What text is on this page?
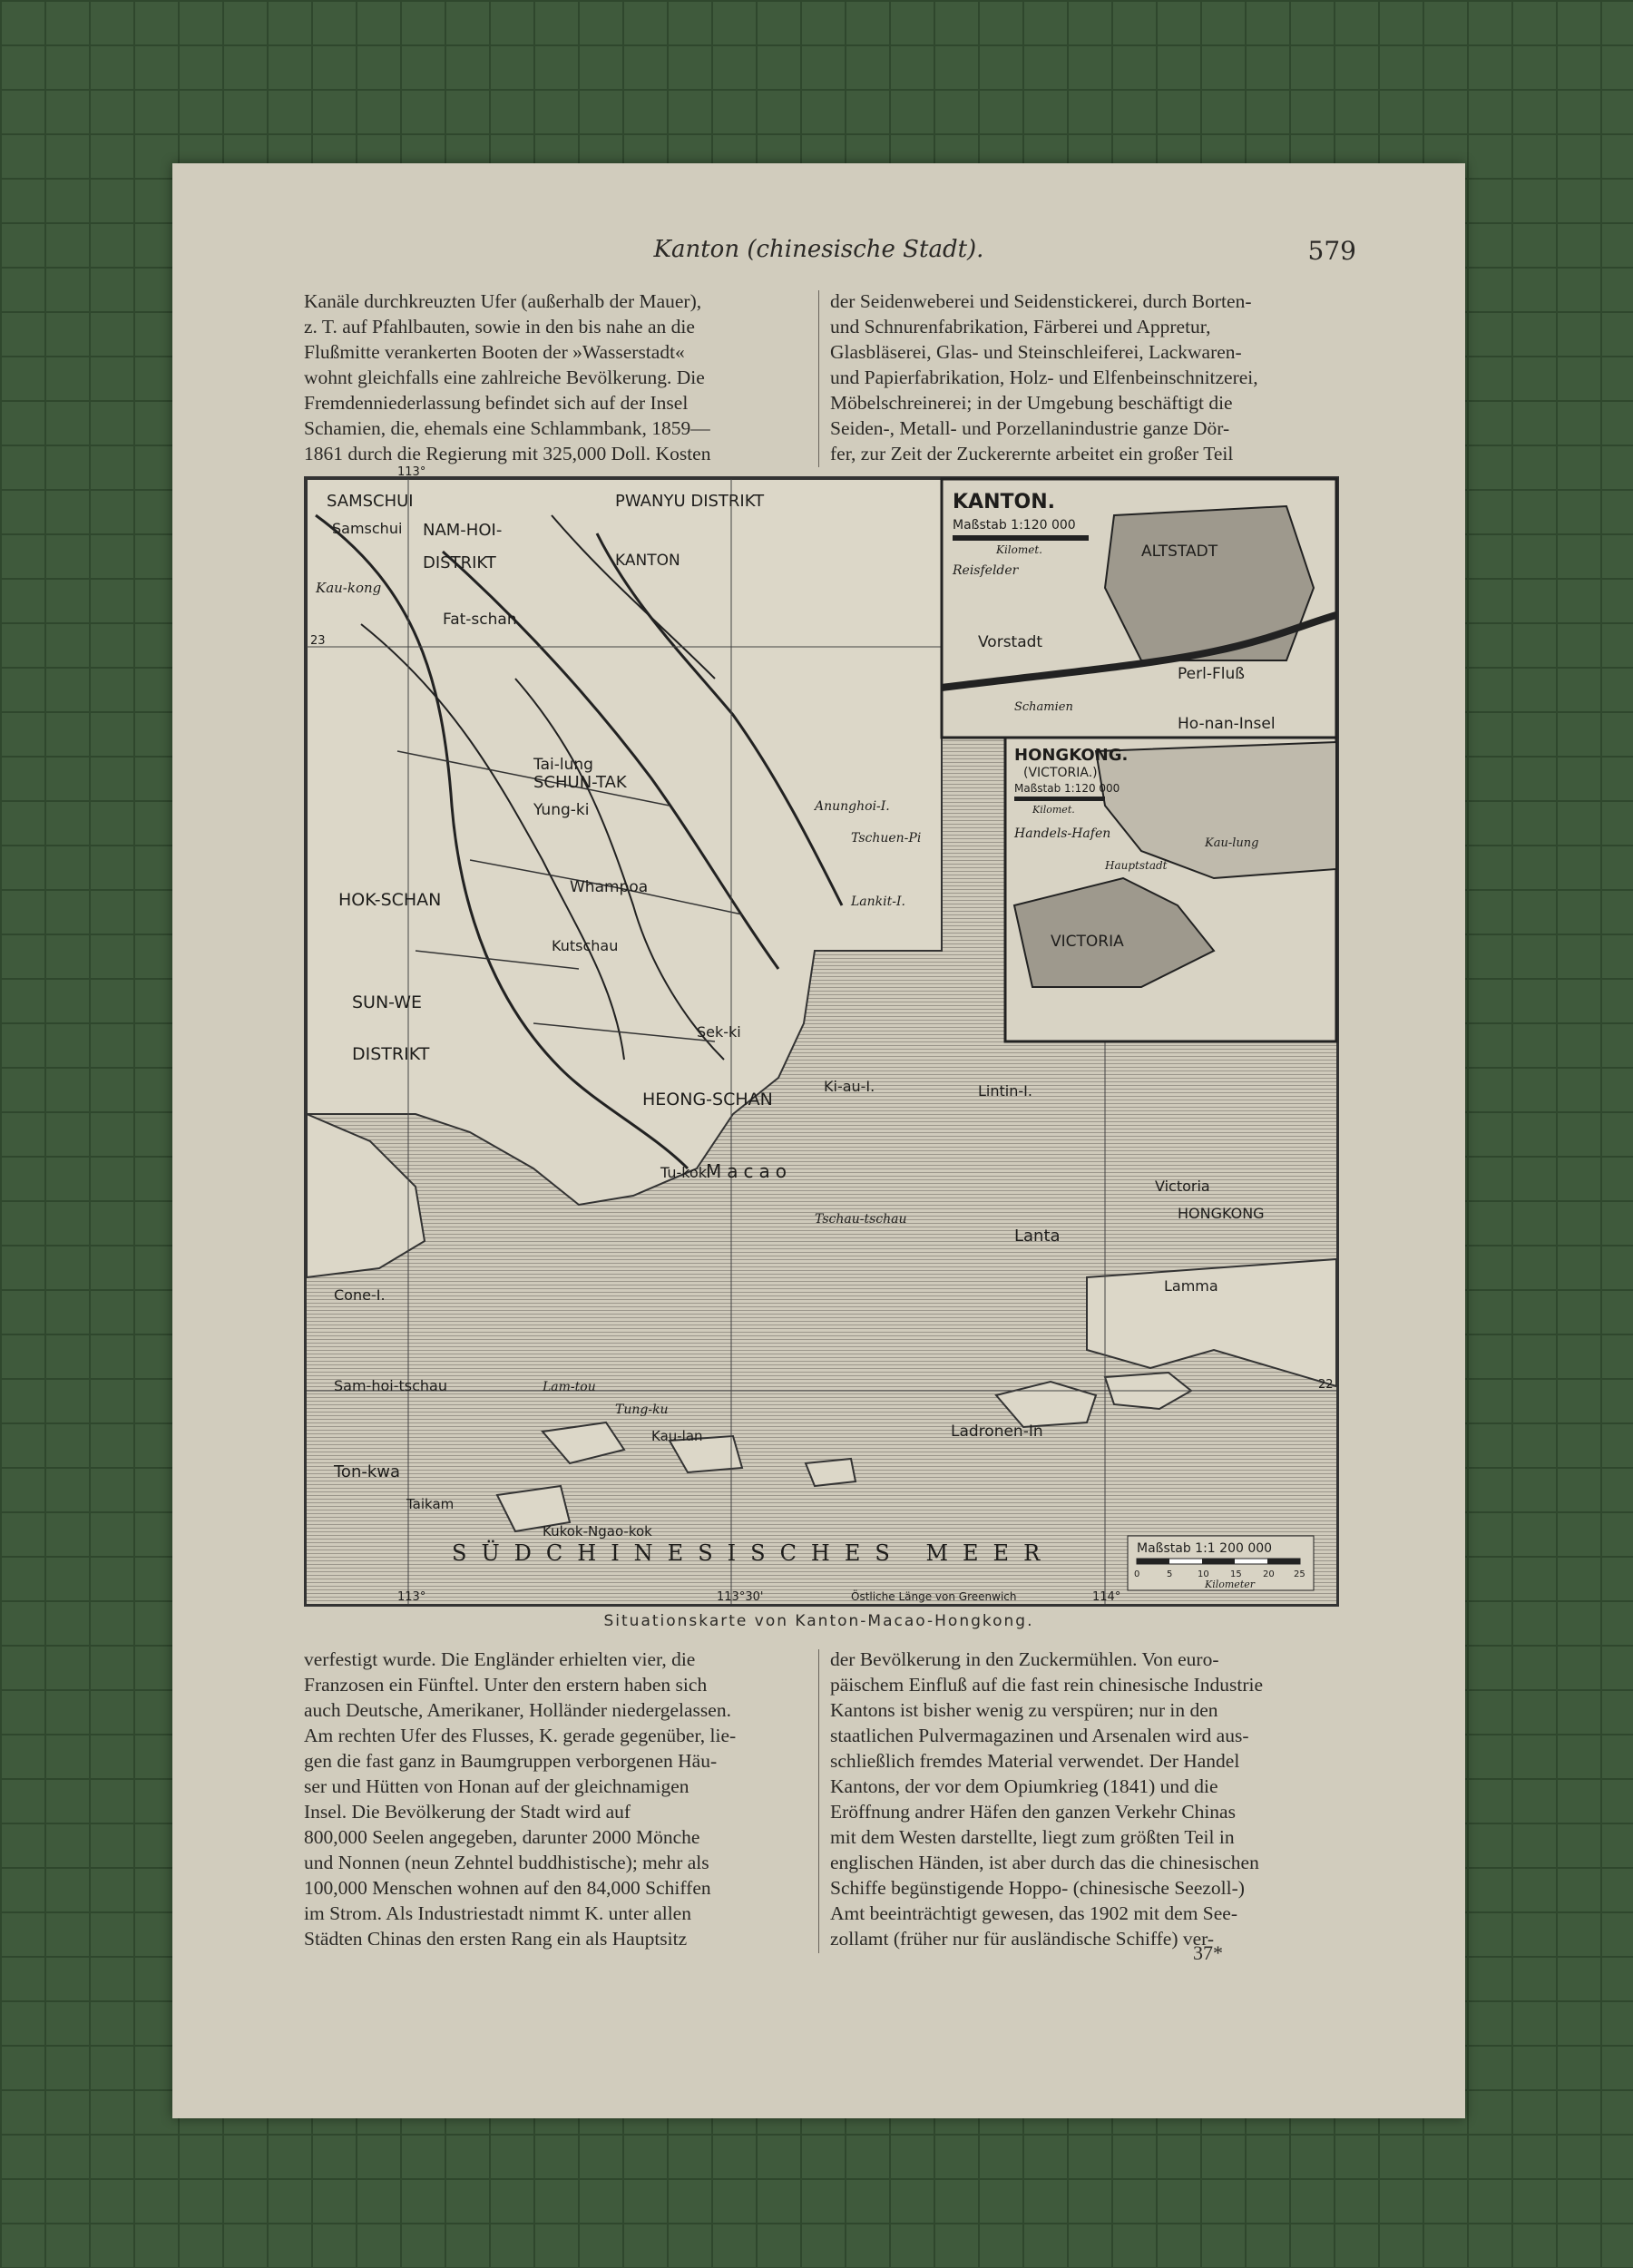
Kanton (chinesische Stadt).	579

Kanäle durchkreuzten Ufer (außerhalb der Mauer),

z. T. auf Pfahlbauten, sowie in den bis nahe an die

Flußmitte verankerten Booten der »Wasserstadt«

wohnt gleichfalls eine zahlreiche Bevölkerung. Die

Fremdenniederlassung befindet sich auf der Insel

Schamien, die, ehemals eine Schlammbank, 1859—

1861 durch die Regierung mit 325,000 Doll. Kosten

der Seidenweberei und Seidenstickerei, durch Borten-

und Schnurenfabrikation, Färberei und Appretur,

Glasbläserei, Glas- und Steinschleiferei, Lackwaren-

und Papierfabrikation, Holz- und Elfenbeinschnitzerei,

Möbelschreinerei; in der Umgebung beschäftigt die

Seiden-, Metall- und Porzellanindustrie ganze Dör-

fer, zur Zeit der Zuckerernte arbeitet ein großer Teil

SAMSCHUI
NAM-HOI-
DISTRIKT
PWANYU DISTRIKT
HOK-SCHAN
SUN-WE
DISTRIKT
HEONG-SCHAN
SCHUN-TAK
Samschui
Kau-kong
Fat-schan
KANTON
Whampoa
Tai-lung
Yung-ki
Kutschau
Sek-ki
Tu-kok
Macao
Lintin-I.
Ki-au-I.
Lanta
Victoria
HONGKONG
Lamma
Cone-I.
Sam-hoi-tschau
Ton-kwa
Taikam
Kukok-Ngao-kok
Ladronen-In
Lam-tou
Kau-lan
Tung-ku
Tschau-tschau
Lankit-I.
Tschuen-Pi
Anunghoi-I.
KANTON.
Maßstab 1:120 000
Kilomet.	ALTSTADT
Reisfelder
Vorstadt
Perl-Fluß
Ho-nan-Insel
Schamien
HONGKONG.
(VICTORIA.)
Maßstab 1:120 000
Kilomet.
Handels-Hafen
VICTORIA
Kau-lung
Hauptstadt
SÜDCHINESISCHES MEER
113°
113°	113°30'	114°
23
22
Östliche Länge von Greenwich
Maßstab 1:1 200 000
0	5	10 15 20 25
Kilometer
Situationskarte von Kanton-Macao-Hongkong.

verfestigt wurde. Die Engländer erhielten vier, die

Franzosen ein Fünftel. Unter den erstern haben sich

auch Deutsche, Amerikaner, Holländer niedergelassen.

Am rechten Ufer des Flusses, K. gerade gegenüber, lie-

gen die fast ganz in Baumgruppen verborgenen Häu-

ser und Hütten von Honan auf der gleichnamigen

Insel. Die Bevölkerung der Stadt wird auf

800,000 Seelen angegeben, darunter 2000 Mönche

und Nonnen (neun Zehntel buddhistische); mehr als

100,000 Menschen wohnen auf den 84,000 Schiffen

im Strom. Als Industriestadt nimmt K. unter allen

Städten Chinas den ersten Rang ein als Hauptsitz

der Bevölkerung in den Zuckermühlen. Von euro-

päischem Einfluß auf die fast rein chinesische Industrie

Kantons ist bisher wenig zu verspüren; nur in den

staatlichen Pulvermagazinen und Arsenalen wird aus-

schließlich fremdes Material verwendet. Der Handel

Kantons, der vor dem Opiumkrieg (1841) und die

Eröffnung andrer Häfen den ganzen Verkehr Chinas

mit dem Westen darstellte, liegt zum größten Teil in

englischen Händen, ist aber durch das die chinesischen

Schiffe begünstigende Hoppo- (chinesische Seezoll-)

Amt beeinträchtigt gewesen, das 1902 mit dem See-

zollamt (früher nur für ausländische Schiffe) ver-

37*
